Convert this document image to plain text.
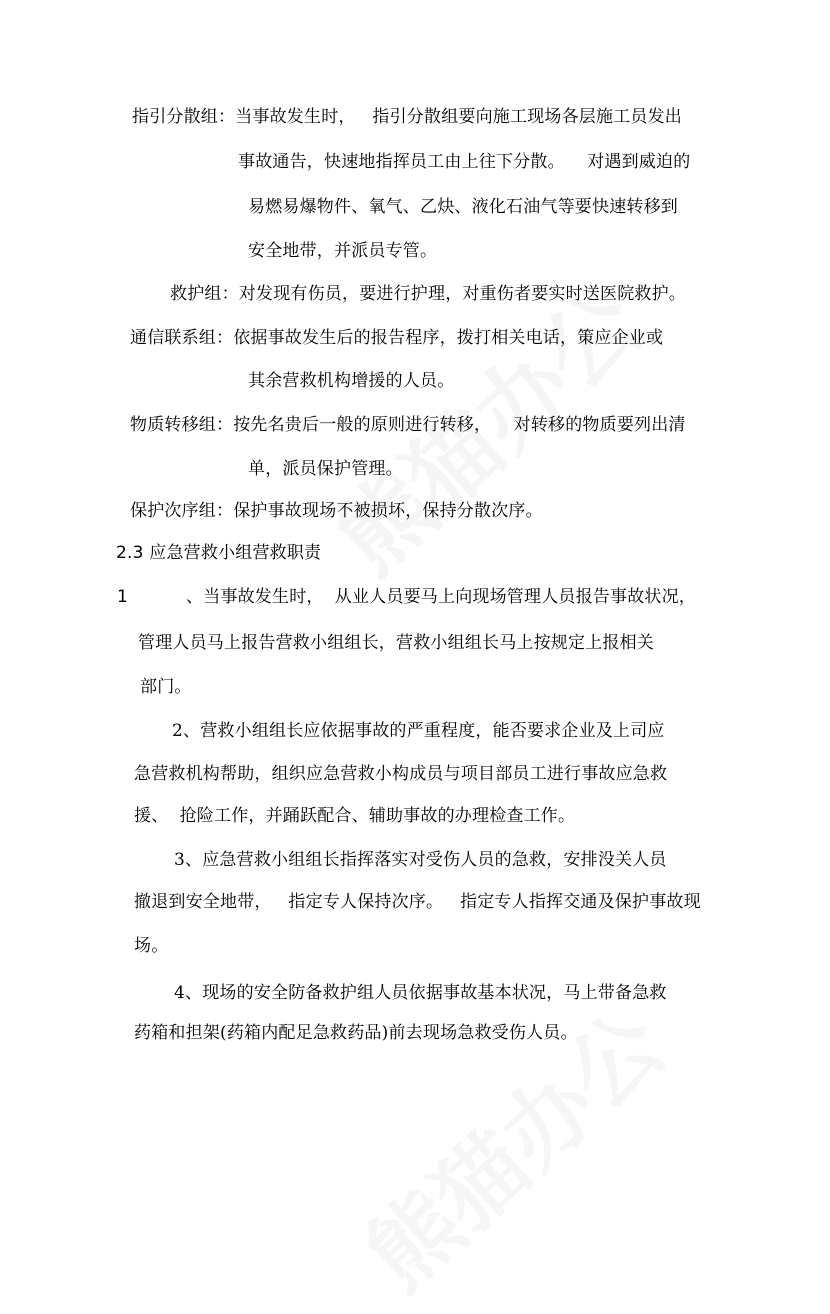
指引分散组：当事故发生时，   指引分散组要向施工现场各层施工员发出
事故通告，快速地指挥员工由上往下分散。    对遇到威迫的
易燃易爆物件、氧气、乙炔、液化石油气等要快速转移到
安全地带，并派员专管。
救护组：对发现有伤员，要进行护理，对重伤者要实时送医院救护。
通信联系组：依据事故发生后的报告程序，拨打相关电话，策应企业或
其余营救机构增援的人员。
物质转移组：按先名贵后一般的原则进行转移，    对转移的物质要列出清
单，派员保护管理。
保护次序组：保护事故现场不被损坏，保持分散次序。
2.3 应急营救小组营救职责
1	、当事故发生时，  从业人员要马上向现场管理人员报告事故状况，
管理人员马上报告营救小组组长，营救小组组长马上按规定上报相关
部门。
2、营救小组组长应依据事故的严重程度，能否要求企业及上司应
急营救机构帮助，组织应急营救小构成员与项目部员工进行事故应急救
援、  抢险工作，并踊跃配合、辅助事故的办理检查工作。
3、应急营救小组组长指挥落实对受伤人员的急救，安排没关人员
撤退到安全地带，   指定专人保持次序。   指定专人指挥交通及保护事故现
场。
4、现场的安全防备救护组人员依据事故基本状况，马上带备急救
药箱和担架(药箱内配足急救药品)前去现场急救受伤人员。
